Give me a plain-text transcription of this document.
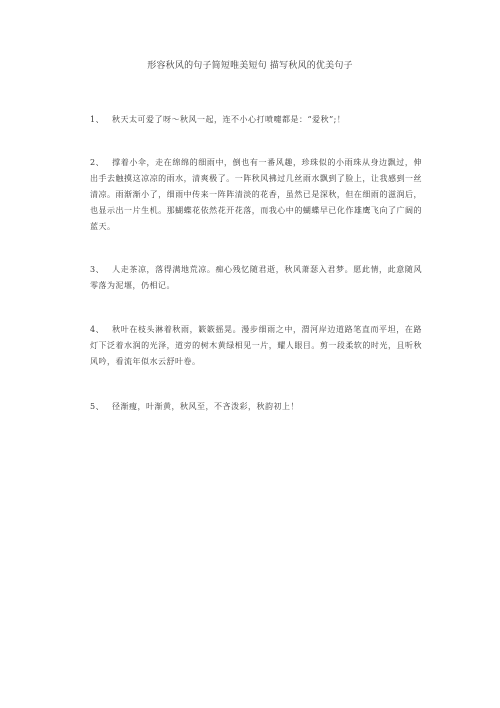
形容秋风的句子简短唯美短句 描写秋风的优美句子
1、 秋天太可爱了呀～秋风一起，连不小心打喷嚏都是：“爱秋”;！
2、 撑着小伞，走在绵绵的细雨中，倒也有一番风趣，珍珠似的小雨珠从身边飘过，伸出手去触摸这凉凉的雨水，清爽极了。一阵秋风拂过几丝雨水飘到了脸上，让我感到一丝清凉。雨渐渐小了，细雨中传来一阵阵清淡的花香，虽然已是深秋，但在细雨的滋润后，也显示出一片生机。那蝴蝶花依然花开花落，而我心中的蝴蝶早已化作雄鹰飞向了广阔的蓝天。
3、 人走茶凉，落得满地荒凉。痴心残忆随君逝，秋风萧瑟入君梦。愿此情，此意随风零落为泥堰，仍相记。
4、 秋叶在枝头淋着秋雨，簌簌摇晃。漫步细雨之中，渭河岸边道路笔直而平坦，在路灯下泛着水润的光泽，道旁的树木黄绿相见一片，耀人眼目。剪一段柔软的时光，且听秋风吟，看流年似水云舒叶卷。
5、 径渐瘦，叶渐黄，秋风至，不吝泼彩，秋韵初上！
